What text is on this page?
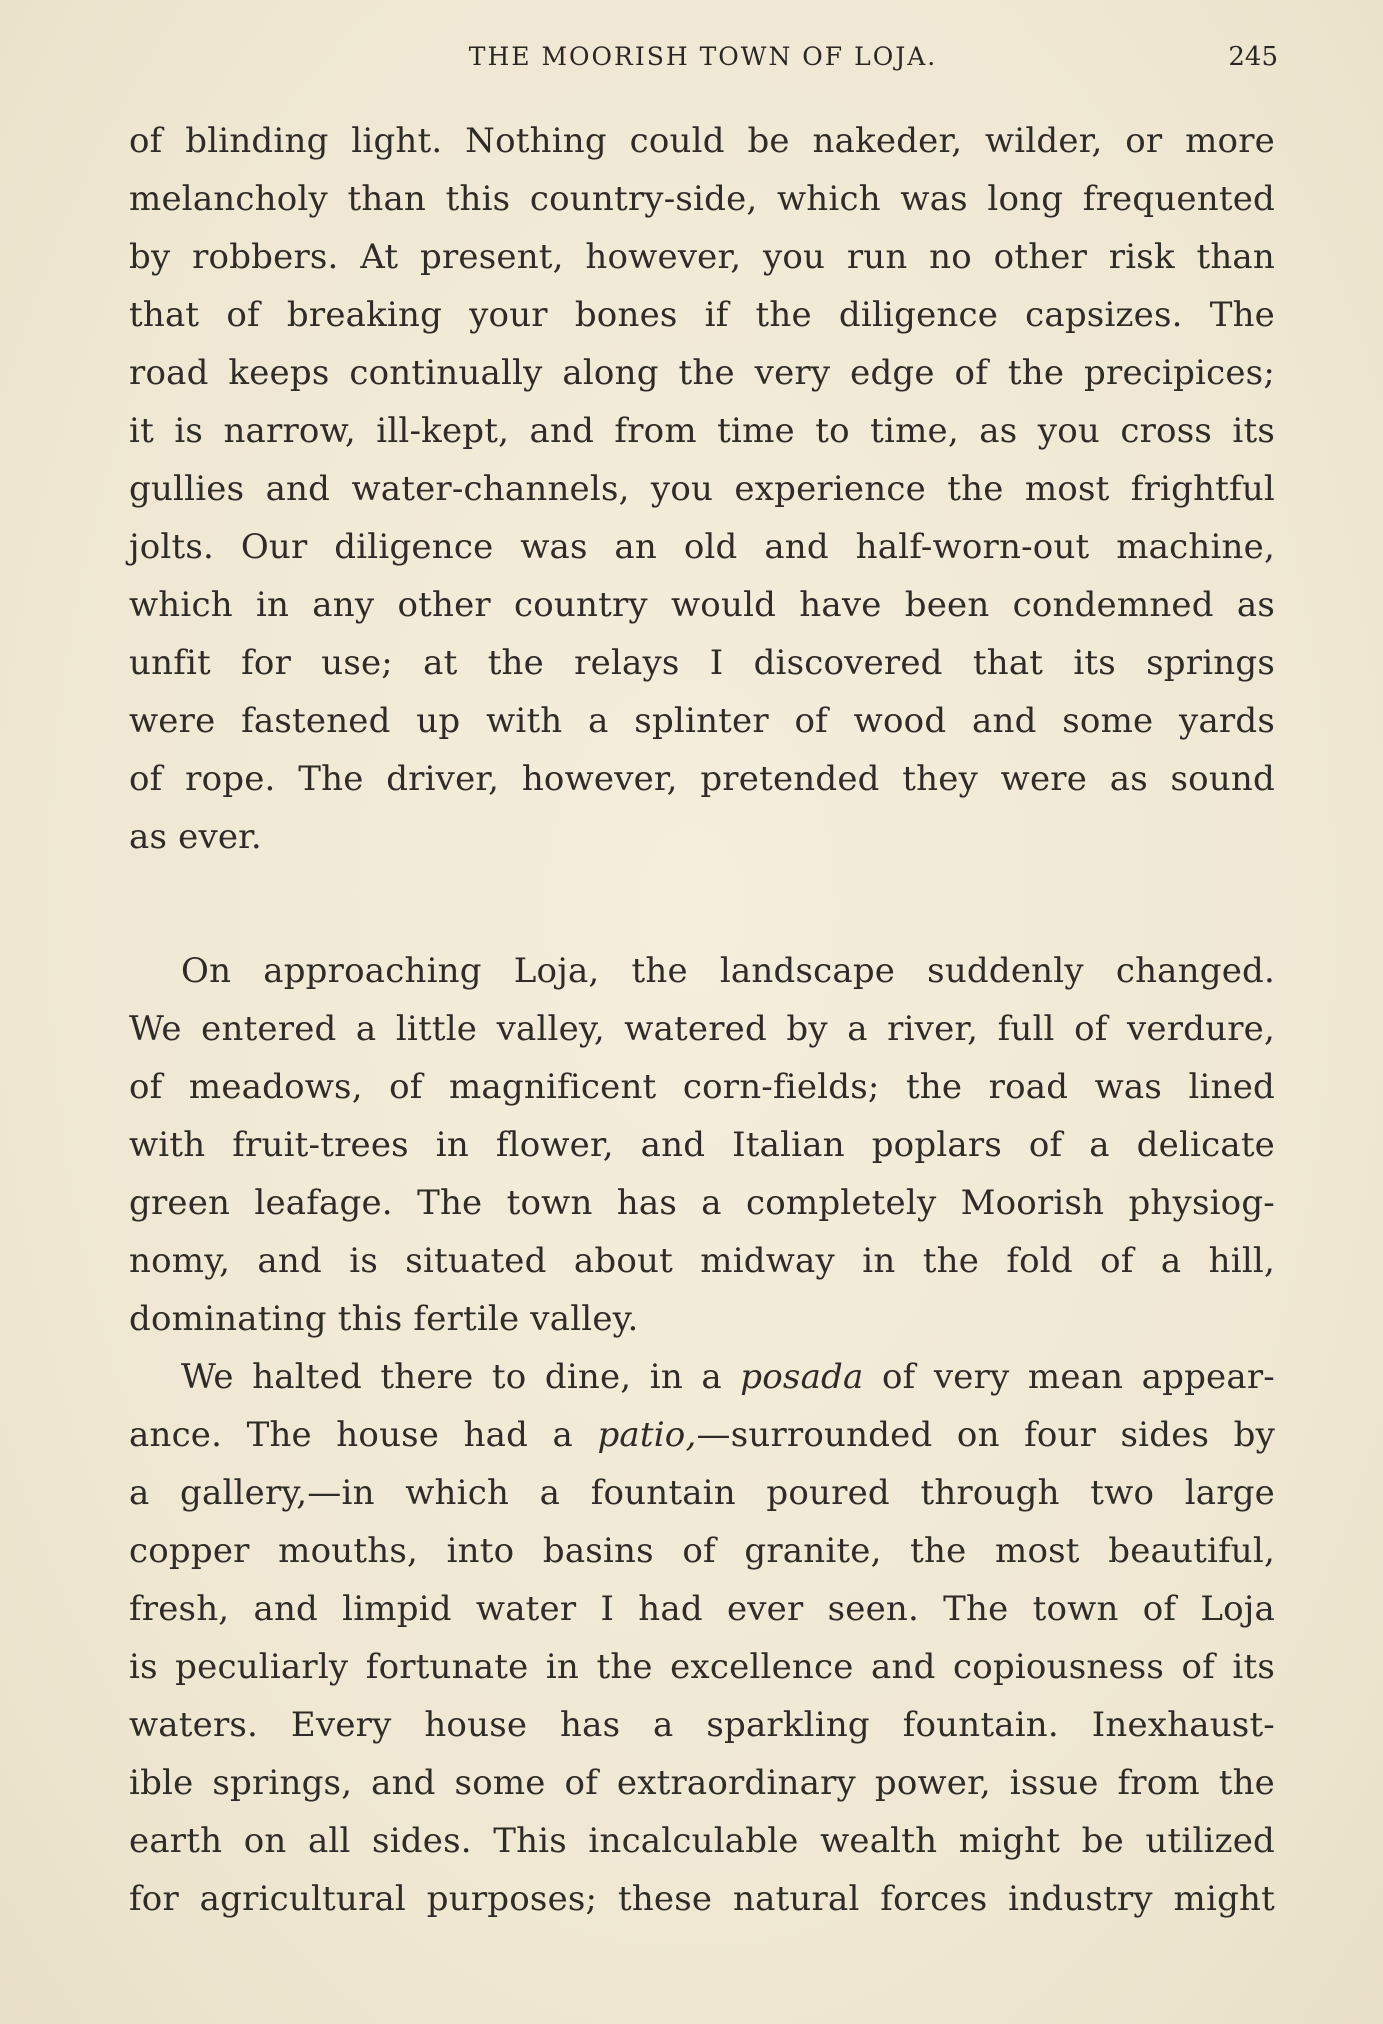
THE MOORISH TOWN OF LOJA.	245
of blinding light. Nothing could be nakeder, wilder, or more
melancholy than this country-side, which was long frequented
by robbers. At present, however, you run no other risk than
that of breaking your bones if the diligence capsizes. The
road keeps continually along the very edge of the precipices;
it is narrow, ill-kept, and from time to time, as you cross its
gullies and water-channels, you experience the most frightful
jolts. Our diligence was an old and half-worn-out machine,
which in any other country would have been condemned as
unfit for use; at the relays I discovered that its springs
were fastened up with a splinter of wood and some yards
of rope. The driver, however, pretended they were as sound
as ever.
On approaching Loja, the landscape suddenly changed.
We entered a little valley, watered by a river, full of verdure,
of meadows, of magnificent corn-fields; the road was lined
with fruit-trees in flower, and Italian poplars of a delicate
green leafage. The town has a completely Moorish physiog-
nomy, and is situated about midway in the fold of a hill,
dominating this fertile valley.
We halted there to dine, in a posada of very mean appear-
ance. The house had a patio,—surrounded on four sides by
a gallery,—in which a fountain poured through two large
copper mouths, into basins of granite, the most beautiful,
fresh, and limpid water I had ever seen. The town of Loja
is peculiarly fortunate in the excellence and copiousness of its
waters. Every house has a sparkling fountain. Inexhaust-
ible springs, and some of extraordinary power, issue from the
earth on all sides. This incalculable wealth might be utilized
for agricultural purposes; these natural forces industry might
